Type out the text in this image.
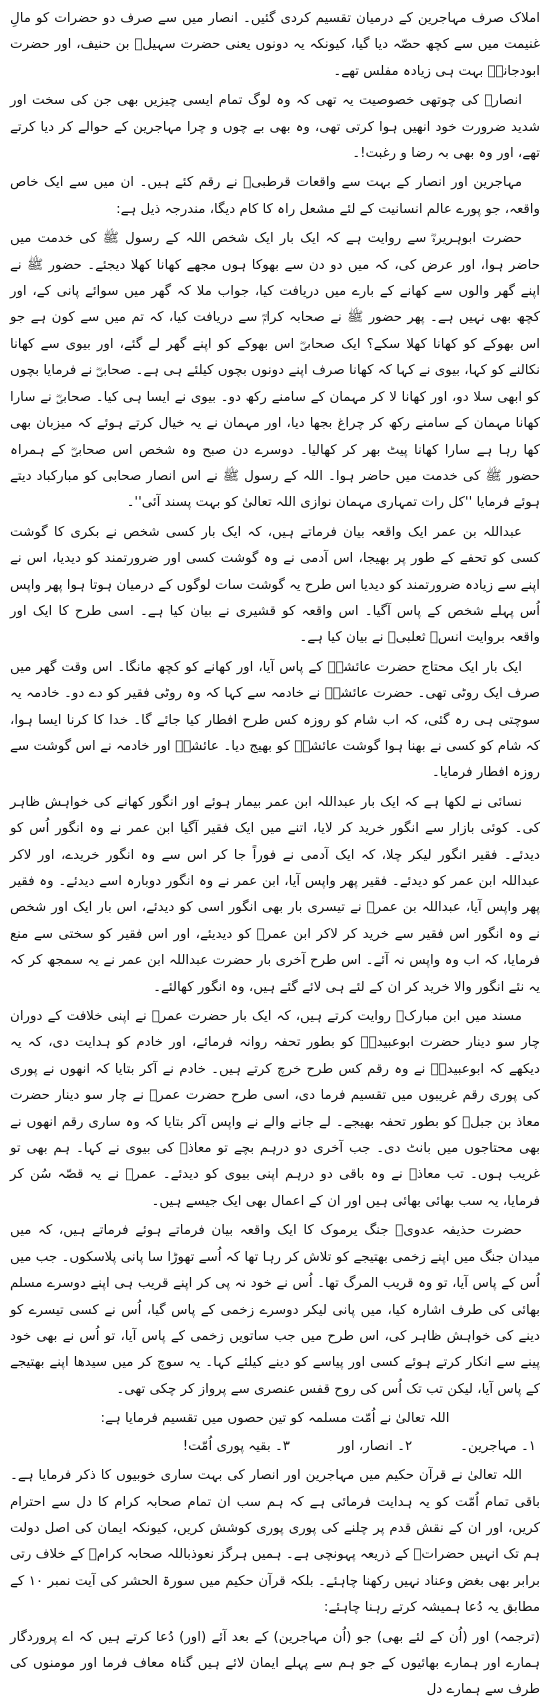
املاک صرف مہاجرین کے درمیان تقسیم کردی گئیں۔ انصار میں سے صرف دو حضرات کو مالِ غنیمت میں سے کچھ حصّہ دیا گیا، کیونکہ یہ دونوں یعنی حضرت سہیلؓ بن حنیف، اور حضرت ابودجانہؓ بہت ہی زیادہ مفلس تھے۔

انصارؓ کی چوتھی خصوصیت یہ تھی کہ وہ لوگ تمام ایسی چیزیں بھی جن کی سخت اور شدید ضرورت خود انھیں ہوا کرتی تھی، وہ بھی بے چوں و چرا مہاجرین کے حوالے کر دیا کرتے تھے، اور وہ بھی بہ رضا و رغبت!۔

مہاجرین اور انصار کے بہت سے واقعات قرطبیؒ نے رقم کئے ہیں۔ ان میں سے ایک خاص واقعہ، جو پورے عالم انسانیت کے لئے مشعل راہ کا کام دیگا، مندرجہ ذیل ہے:

حضرت ابوہریرہؓ سے روایت ہے کہ ایک بار ایک شخص اللہ کے رسول ﷺ کی خدمت میں حاضر ہوا، اور عرض کی، کہ میں دو دن سے بھوکا ہوں مجھے کھانا کھلا دیجئے۔ حضور ﷺ نے اپنے گھر والوں سے کھانے کے بارے میں دریافت کیا، جواب ملا کہ گھر میں سوائے پانی کے، اور کچھ بھی نہیں ہے۔ پھر حضور ﷺ نے صحابہ کرامؓ سے دریافت کیا، کہ تم میں سے کون ہے جو اس بھوکے کو کھانا کھلا سکے؟ ایک صحابیؓ اس بھوکے کو اپنے گھر لے گئے، اور بیوی سے کھانا نکالنے کو کہا، بیوی نے کہا کہ کھانا صرف اپنے دونوں بچوں کیلئے ہی ہے۔ صحابیؓ نے فرمایا بچوں کو ابھی سلا دو، اور کھانا لا کر مہمان کے سامنے رکھ دو۔ بیوی نے ایسا ہی کیا۔ صحابیؓ نے سارا کھانا مہمان کے سامنے رکھ کر چراغ بجھا دیا، اور مہمان نے یہ خیال کرتے ہوئے کہ میزبان بھی کھا رہا ہے سارا کھانا پیٹ بھر کر کھالیا۔ دوسرے دن صبح وہ شخص اس صحابیؓ کے ہمراہ حضور ﷺ کی خدمت میں حاضر ہوا۔ اللہ کے رسول ﷺ نے اس انصار صحابی کو مبارکباد دیتے ہوئے فرمایا ''کل رات تمہاری مہمان نوازی اللہ تعالیٰ کو بہت پسند آئی''۔

عبداللہ بن عمر ایک واقعہ بیان فرماتے ہیں، کہ ایک بار کسی شخص نے بکری کا گوشت کسی کو تحفے کے طور پر بھیجا، اس آدمی نے وہ گوشت کسی اور ضرورتمند کو دیدیا، اس نے اپنے سے زیادہ ضرورتمند کو دیدیا اس طرح یہ گوشت سات لوگوں کے درمیان ہوتا ہوا پھر واپس اُس پہلے شخص کے پاس آگیا۔ اس واقعہ کو قشیری نے بیان کیا ہے۔ اسی طرح کا ایک اور واقعہ بروایت انسؓ ثعلبیؒ نے بیان کیا ہے۔

ایک بار ایک محتاج حضرت عائشہؓ کے پاس آیا، اور کھانے کو کچھ مانگا۔ اس وقت گھر میں صرف ایک روٹی تھی۔ حضرت عائشہؓ نے خادمہ سے کہا کہ وہ روٹی فقیر کو دے دو۔ خادمہ یہ سوچتی ہی رہ گئی، کہ اب شام کو روزہ کس طرح افطار کیا جائے گا۔ خدا کا کرنا ایسا ہوا، کہ شام کو کسی نے بھنا ہوا گوشت عائشہؓ کو بھیج دیا۔ عائشہؓ اور خادمہ نے اس گوشت سے روزہ افطار فرمایا۔

نسائی نے لکھا ہے کہ ایک بار عبداللہ ابن عمر بیمار ہوئے اور انگور کھانے کی خواہش ظاہر کی۔ کوئی بازار سے انگور خرید کر لایا، اتنے میں ایک فقیر آگیا ابن عمر نے وہ انگور اُس کو دیدئے۔ فقیر انگور لیکر چلا، کہ ایک آدمی نے فوراً جا کر اس سے وہ انگور خریدے، اور لاکر عبداللہ ابن عمر کو دیدئے۔ فقیر پھر واپس آیا، ابن عمر نے وہ انگور دوبارہ اسے دیدئے۔ وہ فقیر پھر واپس آیا، عبداللہ بن عمرؓ نے تیسری بار بھی انگور اسی کو دیدئے، اس بار ایک اور شخص نے وہ انگور اس فقیر سے خرید کر لاکر ابن عمرؓ کو دیدیئے، اور اس فقیر کو سختی سے منع فرمایا، کہ اب وہ واپس نہ آئے۔ اس طرح آخری بار حضرت عبداللہ ابن عمر نے یہ سمجھ کر کہ یہ نئے انگور والا خرید کر ان کے لئے ہی لائے گئے ہیں، وہ انگور کھالئے۔

مسند میں ابن مبارکؒ روایت کرتے ہیں، کہ ایک بار حضرت عمرؓ نے اپنی خلافت کے دوران چار سو دینار حضرت ابوعبیدہؓ کو بطور تحفہ روانہ فرمائے، اور خادم کو ہدایت دی، کہ یہ دیکھے کہ ابوعبیدہؓ نے وہ رقم کس طرح خرچ کرتے ہیں۔ خادم نے آکر بتایا کہ انھوں نے پوری کی پوری رقم غریبوں میں تقسیم فرما دی، اسی طرح حضرت عمرؓ نے چار سو دینار حضرت معاذ بن جبلؓ کو بطور تحفہ بھیجے۔ لے جانے والے نے واپس آکر بتایا کہ وہ ساری رقم انھوں نے بھی محتاجوں میں بانٹ دی۔ جب آخری دو درہم بچے تو معاذؓ کی بیوی نے کہا۔ ہم بھی تو غریب ہوں۔ تب معاذؓ نے وہ باقی دو درہم اپنی بیوی کو دیدئے۔ عمرؓ نے یہ قصّہ سُن کر فرمایا، یہ سب بھائی بھائی ہیں اور ان کے اعمال بھی ایک جیسے ہیں۔

حضرت حذیفہ عدویؓ جنگ یرموک کا ایک واقعہ بیان فرماتے ہوئے فرماتے ہیں، کہ میں میدان جنگ میں اپنے زخمی بھتیجے کو تلاش کر رہا تھا کہ اُسے تھوڑا سا پانی پلاسکوں۔ جب میں اُس کے پاس آیا، تو وہ قریب المرگ تھا۔ اُس نے خود نہ پی کر اپنے قریب ہی اپنے دوسرے مسلم بھائی کی طرف اشارہ کیا، میں پانی لیکر دوسرے زخمی کے پاس گیا، اُس نے کسی تیسرے کو دینے کی خواہش ظاہر کی، اس طرح میں جب ساتویں زخمی کے پاس آیا، تو اُس نے بھی خود پینے سے انکار کرتے ہوئے کسی اور پیاسے کو دینے کیلئے کہا۔ یہ سوچ کر میں سیدھا اپنے بھتیجے کے پاس آیا، لیکن تب تک اُس کی روح قفس عنصری سے پرواز کر چکی تھی۔

اللہ تعالیٰ نے اُمّت مسلمہ کو تین حصوں میں تقسیم فرمایا ہے:

۱۔ مہاجرین۔
۲۔ انصار، اور
۳۔ بقیہ پوری اُمّت!

اللہ تعالیٰ نے قرآن حکیم میں مہاجرین اور انصار کی بہت ساری خوبیوں کا ذکر فرمایا ہے۔ باقی تمام اُمّت کو یہ ہدایت فرمائی ہے کہ ہم سب ان تمام صحابہ کرام کا دل سے احترام کریں، اور ان کے نقش قدم پر چلنے کی پوری پوری کوشش کریں، کیونکہ ایمان کی اصل دولت ہم تک انہیں حضراتؓ کے ذریعہ پہونچی ہے۔ ہمیں ہرگز نعوذباللہ صحابہ کرامؓ کے خلاف رتی برابر بھی بغض وعناد نہیں رکھنا چاہئے۔ بلکہ قرآن حکیم میں سورۃ الحشر کی آیت نمبر ۱۰ کے مطابق یہ دُعا ہمیشہ کرتے رہنا چاہئے:

(ترجمہ) اور (اُن کے لئے بھی) جو (اُن مہاجرین) کے بعد آئے (اور) دُعا کرتے ہیں کہ اے پروردگار ہمارے اور ہمارے بھائیوں کے جو ہم سے پہلے ایمان لائے ہیں گناہ معاف فرما اور مومنوں کی طرف سے ہمارے دل
